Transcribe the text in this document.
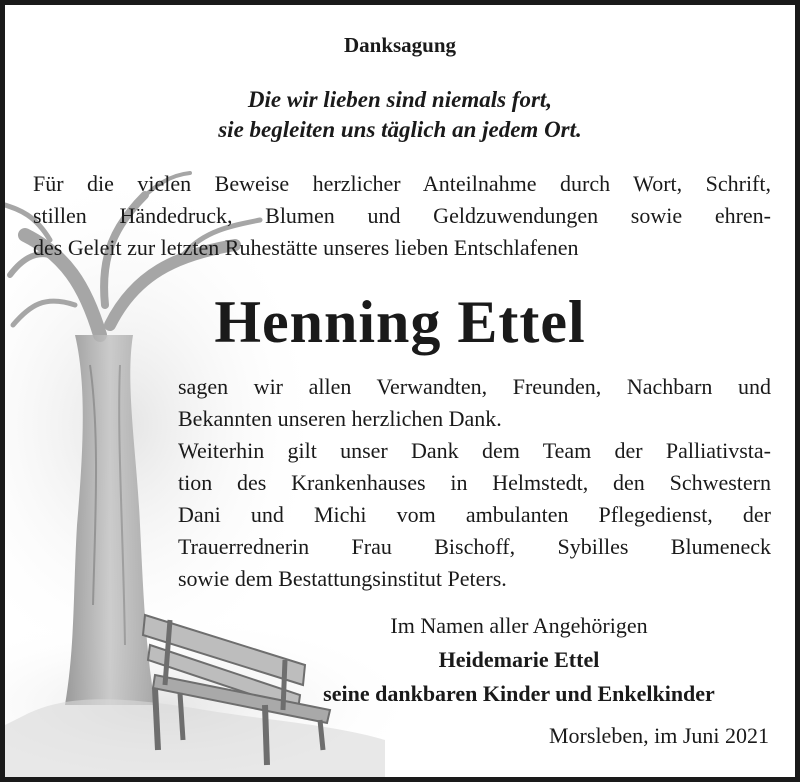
Danksagung
Die wir lieben sind niemals fort,
sie begleiten uns täglich an jedem Ort.
Für die vielen Beweise herzlicher Anteilnahme durch Wort, Schrift,
stillen Händedruck, Blumen und Geldzuwendungen sowie ehren-
des Geleit zur letzten Ruhestätte unseres lieben Entschlafenen
Henning Ettel
sagen wir allen Verwandten, Freunden, Nachbarn und
Bekannten unseren herzlichen Dank.
Weiterhin gilt unser Dank dem Team der Palliativsta-
tion des Krankenhauses in Helmstedt, den Schwestern
Dani und Michi vom ambulanten Pflegedienst, der
Trauerrednerin Frau Bischoff, Sybilles Blumeneck
sowie dem Bestattungsinstitut Peters.
Im Namen aller Angehörigen
Heidemarie Ettel
seine dankbaren Kinder und Enkelkinder
Morsleben, im Juni 2021
